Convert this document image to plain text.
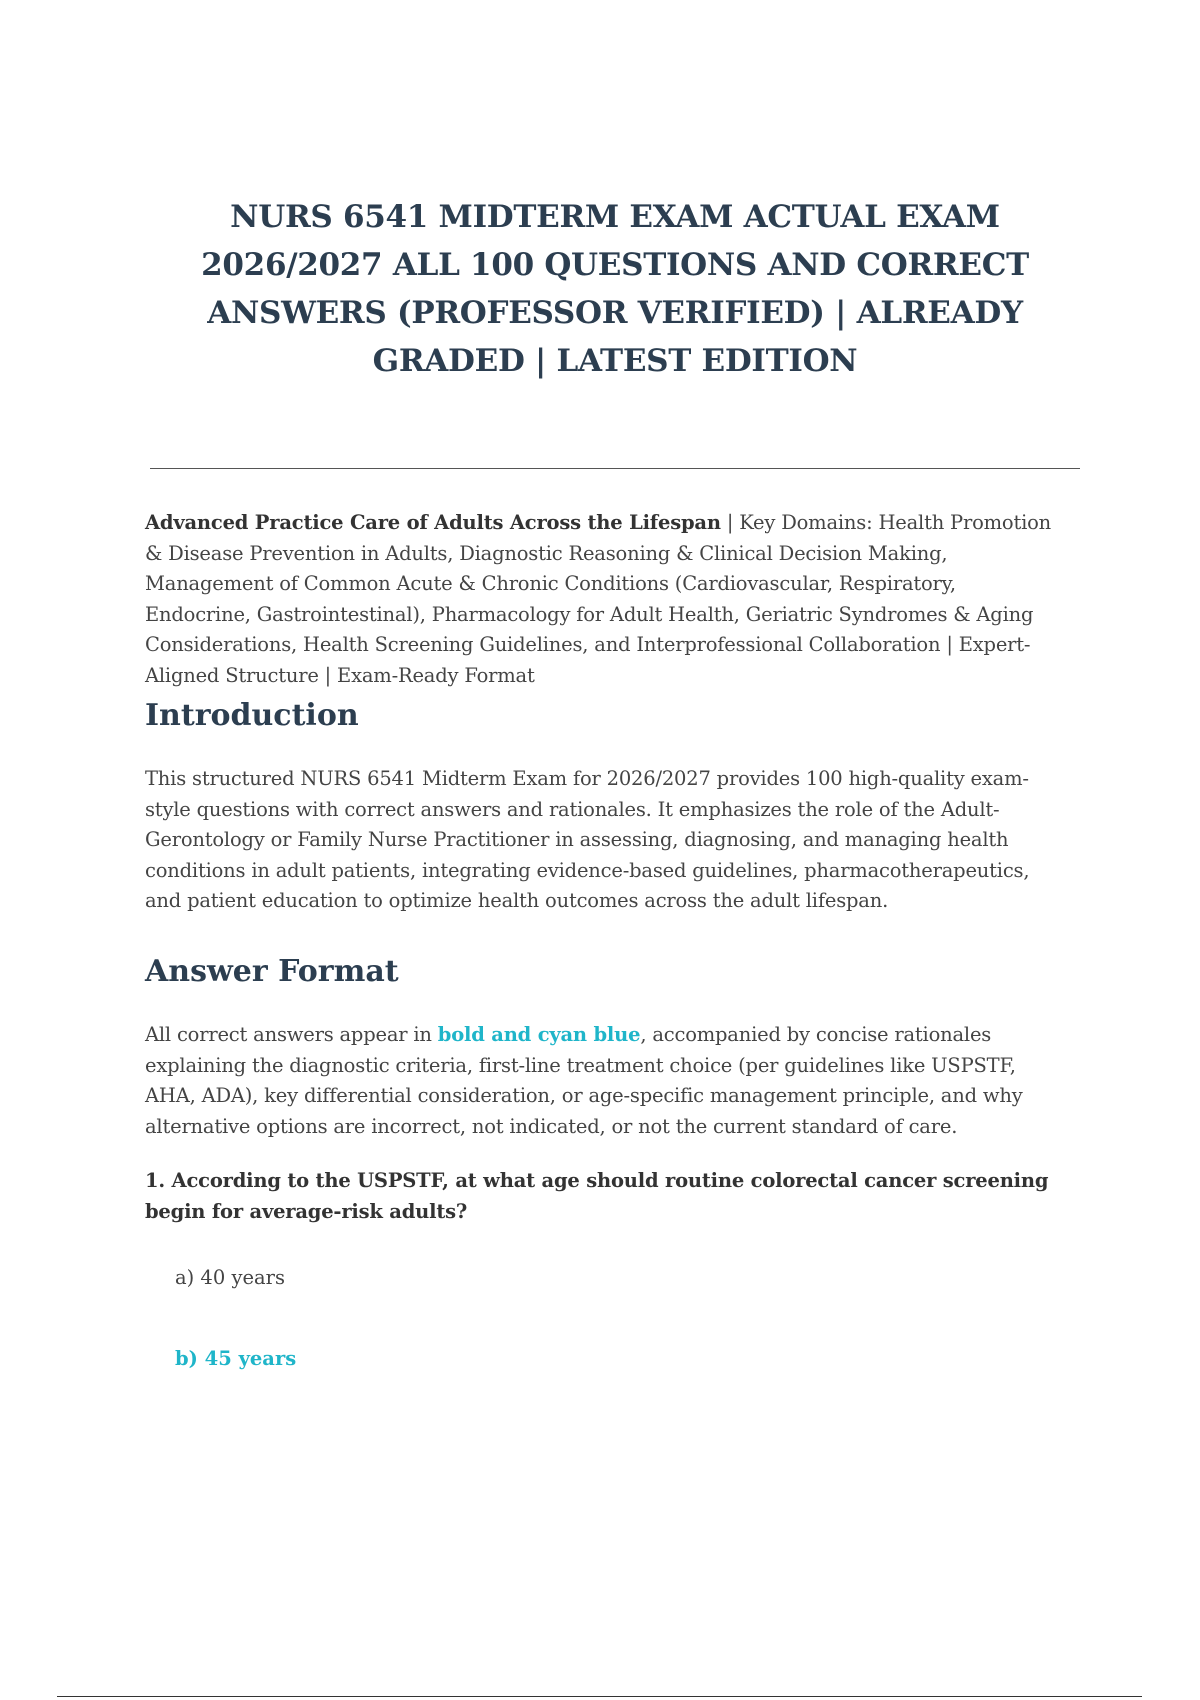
NURS 6541 MIDTERM EXAM ACTUAL EXAM 2026/2027 ALL 100 QUESTIONS AND CORRECT ANSWERS (PROFESSOR VERIFIED) | ALREADY GRADED | LATEST EDITION

Advanced Practice Care of Adults Across the Lifespan | Key Domains: Health Promotion & Disease Prevention in Adults, Diagnostic Reasoning & Clinical Decision Making, Management of Common Acute & Chronic Conditions (Cardiovascular, Respiratory, Endocrine, Gastrointestinal), Pharmacology for Adult Health, Geriatric Syndromes & Aging Considerations, Health Screening Guidelines, and Interprofessional Collaboration | Expert-Aligned Structure | Exam-Ready Format

Introduction

This structured NURS 6541 Midterm Exam for 2026/2027 provides 100 high-quality exam-style questions with correct answers and rationales. It emphasizes the role of the Adult-Gerontology or Family Nurse Practitioner in assessing, diagnosing, and managing health conditions in adult patients, integrating evidence-based guidelines, pharmacotherapeutics, and patient education to optimize health outcomes across the adult lifespan.

Answer Format

All correct answers appear in bold and cyan blue, accompanied by concise rationales explaining the diagnostic criteria, first-line treatment choice (per guidelines like USPSTF, AHA, ADA), key differential consideration, or age-specific management principle, and why alternative options are incorrect, not indicated, or not the current standard of care.

1. According to the USPSTF, at what age should routine colorectal cancer screening begin for average-risk adults?

a) 40 years

b) 45 years
